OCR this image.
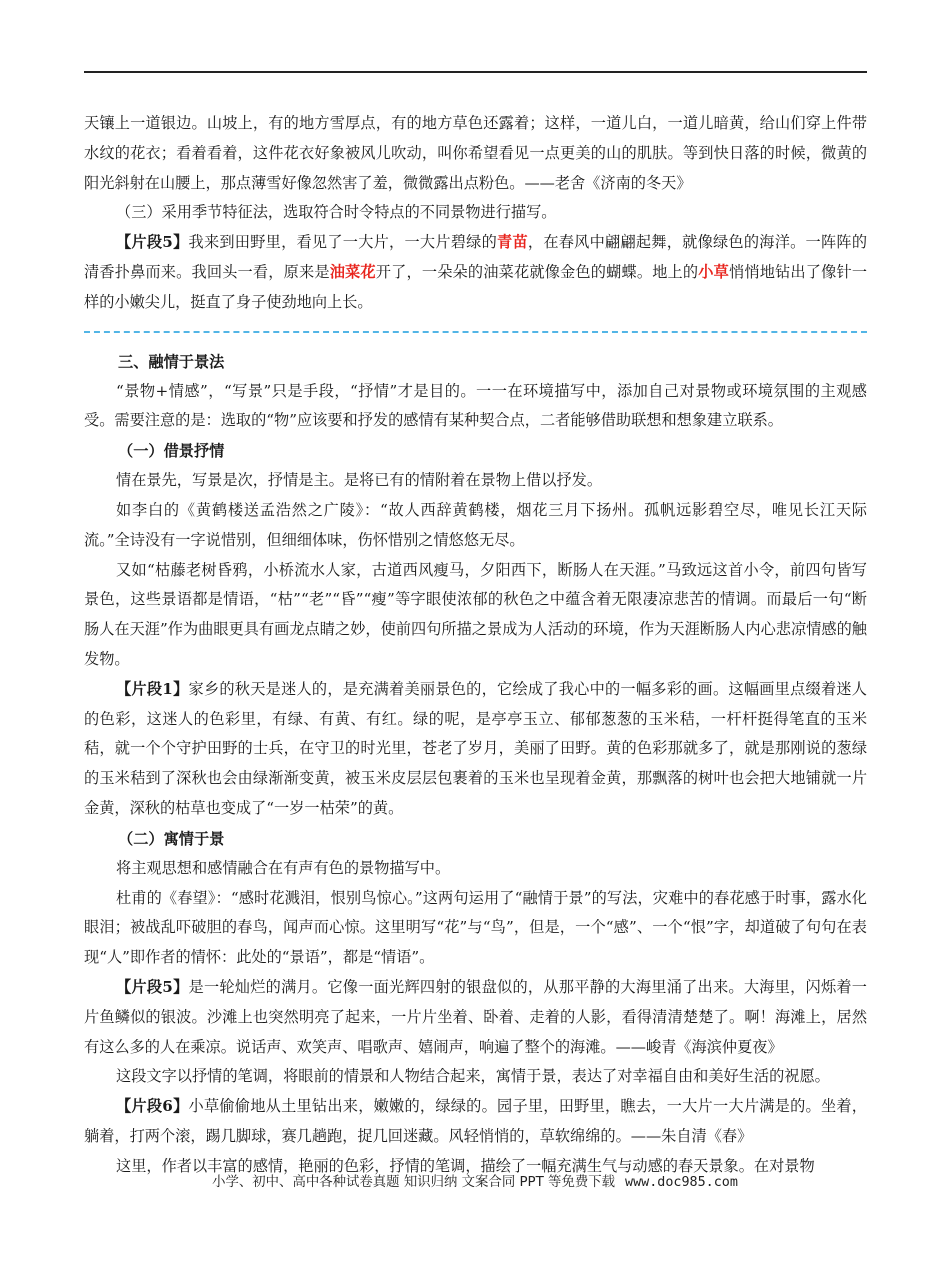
天镶上一道银边。山坡上，有的地方雪厚点，有的地方草色还露着；这样，一道儿白，一道儿暗黄，给山们穿上件带水纹的花衣；看着看着，这件花衣好象被风儿吹动，叫你希望看见一点更美的山的肌肤。等到快日落的时候，微黄的阳光斜射在山腰上，那点薄雪好像忽然害了羞，微微露出点粉色。——老舍《济南的冬天》

（三）采用季节特征法，选取符合时令特点的不同景物进行描写。

【片段5】我来到田野里，看见了一大片，一大片碧绿的青苗，在春风中翩翩起舞，就像绿色的海洋。一阵阵的清香扑鼻而来。我回头一看，原来是油菜花开了，一朵朵的油菜花就像金色的蝴蝶。地上的小草悄悄地钻出了像针一样的小嫩尖儿，挺直了身子使劲地向上长。

三、融情于景法

“景物+情感”，“写景”只是手段，“抒情”才是目的。一一在环境描写中，添加自己对景物或环境氛围的主观感受。需要注意的是：选取的“物”应该要和抒发的感情有某种契合点，二者能够借助联想和想象建立联系。

（一）借景抒情

情在景先，写景是次，抒情是主。是将已有的情附着在景物上借以抒发。

如李白的《黄鹤楼送孟浩然之广陵》：“故人西辞黄鹤楼，烟花三月下扬州。孤帆远影碧空尽，唯见长江天际流。”全诗没有一字说惜别，但细细体味，伤怀惜别之情悠悠无尽。

又如“枯藤老树昏鸦，小桥流水人家，古道西风瘦马，夕阳西下，断肠人在天涯。”马致远这首小令，前四句皆写景色，这些景语都是情语，“枯”“老”“昏”“瘦”等字眼使浓郁的秋色之中蕴含着无限凄凉悲苦的情调。而最后一句“断肠人在天涯”作为曲眼更具有画龙点睛之妙，使前四句所描之景成为人活动的环境，作为天涯断肠人内心悲凉情感的触发物。

【片段1】家乡的秋天是迷人的，是充满着美丽景色的，它绘成了我心中的一幅多彩的画。这幅画里点缀着迷人的色彩，这迷人的色彩里，有绿、有黄、有红。绿的呢，是亭亭玉立、郁郁葱葱的玉米秸，一杆杆挺得笔直的玉米秸，就一个个守护田野的士兵，在守卫的时光里，苍老了岁月，美丽了田野。黄的色彩那就多了，就是那刚说的葱绿的玉米秸到了深秋也会由绿渐渐变黄，被玉米皮层层包裹着的玉米也呈现着金黄，那飘落的树叶也会把大地铺就一片金黄，深秋的枯草也变成了“一岁一枯荣”的黄。

（二）寓情于景

将主观思想和感情融合在有声有色的景物描写中。

杜甫的《春望》：“感时花溅泪，恨别鸟惊心。”这两句运用了“融情于景”的写法，灾难中的春花感于时事，露水化眼泪；被战乱吓破胆的春鸟，闻声而心惊。这里明写“花”与“鸟”，但是，一个“感”、一个“恨”字，却道破了句句在表现“人”即作者的情怀：此处的“景语”，都是“情语”。

【片段5】是一轮灿烂的满月。它像一面光辉四射的银盘似的，从那平静的大海里涌了出来。大海里，闪烁着一片鱼鳞似的银波。沙滩上也突然明亮了起来，一片片坐着、卧着、走着的人影，看得清清楚楚了。啊！海滩上，居然有这么多的人在乘凉。说话声、欢笑声、唱歌声、嬉闹声，响遍了整个的海滩。——峻青《海滨仲夏夜》

这段文字以抒情的笔调，将眼前的情景和人物结合起来，寓情于景，表达了对幸福自由和美好生活的祝愿。

【片段6】小草偷偷地从土里钻出来，嫩嫩的，绿绿的。园子里，田野里，瞧去，一大片一大片满是的。坐着，躺着，打两个滚，踢几脚球，赛几趟跑，捉几回迷藏。风轻悄悄的，草软绵绵的。——朱自清《春》

这里，作者以丰富的感情，艳丽的色彩，抒情的笔调，描绘了一幅充满生气与动感的春天景象。在对景物

小学、初中、高中各种试卷真题 知识归纳 文案合同 PPT 等免费下载 www.doc985.com
